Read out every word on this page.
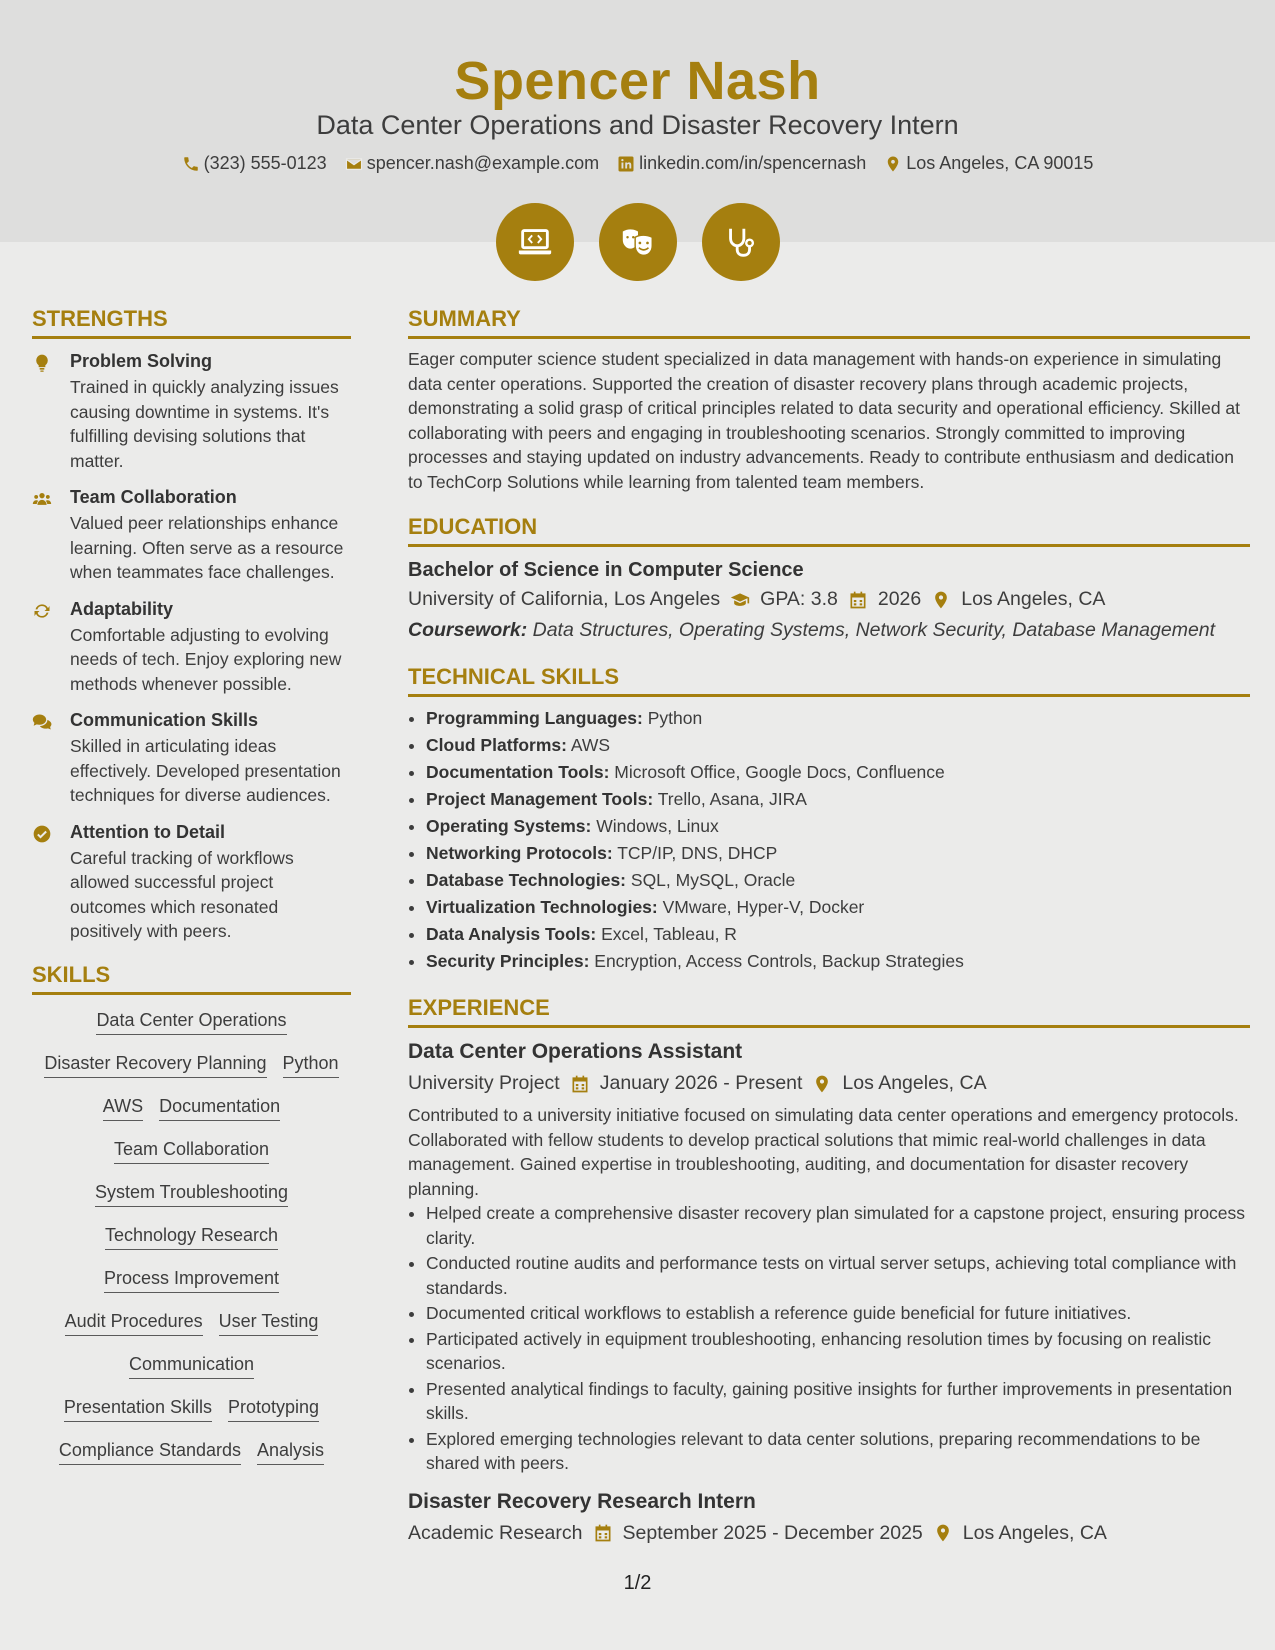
Spencer Nash
Data Center Operations and Disaster Recovery Intern
(323) 555-0123 spencer.nash@example.com linkedin.com/in/spencernash Los Angeles, CA 90015
STRENGTHS
Problem Solving
Trained in quickly analyzing issues causing downtime in systems. It's fulfilling devising solutions that matter.
Team Collaboration
Valued peer relationships enhance learning. Often serve as a resource when teammates face challenges.
Adaptability
Comfortable adjusting to evolving needs of tech. Enjoy exploring new methods whenever possible.
Communication Skills
Skilled in articulating ideas effectively. Developed presentation techniques for diverse audiences.
Attention to Detail
Careful tracking of workflows allowed successful project outcomes which resonated positively with peers.
SKILLS
Data Center Operations
Disaster Recovery Planning Python
AWS Documentation
Team Collaboration
System Troubleshooting
Technology Research
Process Improvement
Audit Procedures User Testing
Communication
Presentation Skills Prototyping
Compliance Standards Analysis
SUMMARY
Eager computer science student specialized in data management with hands-on experience in simulating data center operations. Supported the creation of disaster recovery plans through academic projects, demonstrating a solid grasp of critical principles related to data security and operational efficiency. Skilled at collaborating with peers and engaging in troubleshooting scenarios. Strongly committed to improving processes and staying updated on industry advancements. Ready to contribute enthusiasm and dedication to TechCorp Solutions while learning from talented team members.
EDUCATION
Bachelor of Science in Computer Science
University of California, Los Angeles GPA: 3.8 2026 Los Angeles, CA
Coursework: Data Structures, Operating Systems, Network Security, Database Management
TECHNICAL SKILLS
• Programming Languages: Python
• Cloud Platforms: AWS
• Documentation Tools: Microsoft Office, Google Docs, Confluence
• Project Management Tools: Trello, Asana, JIRA
• Operating Systems: Windows, Linux
• Networking Protocols: TCP/IP, DNS, DHCP
• Database Technologies: SQL, MySQL, Oracle
• Virtualization Technologies: VMware, Hyper-V, Docker
• Data Analysis Tools: Excel, Tableau, R
• Security Principles: Encryption, Access Controls, Backup Strategies
EXPERIENCE
Data Center Operations Assistant
University Project January 2026 - Present Los Angeles, CA
Contributed to a university initiative focused on simulating data center operations and emergency protocols. Collaborated with fellow students to develop practical solutions that mimic real-world challenges in data management. Gained expertise in troubleshooting, auditing, and documentation for disaster recovery planning.
• Helped create a comprehensive disaster recovery plan simulated for a capstone project, ensuring process clarity.
• Conducted routine audits and performance tests on virtual server setups, achieving total compliance with standards.
• Documented critical workflows to establish a reference guide beneficial for future initiatives.
• Participated actively in equipment troubleshooting, enhancing resolution times by focusing on realistic scenarios.
• Presented analytical findings to faculty, gaining positive insights for further improvements in presentation skills.
• Explored emerging technologies relevant to data center solutions, preparing recommendations to be shared with peers.
Disaster Recovery Research Intern
Academic Research September 2025 - December 2025 Los Angeles, CA
1/2
